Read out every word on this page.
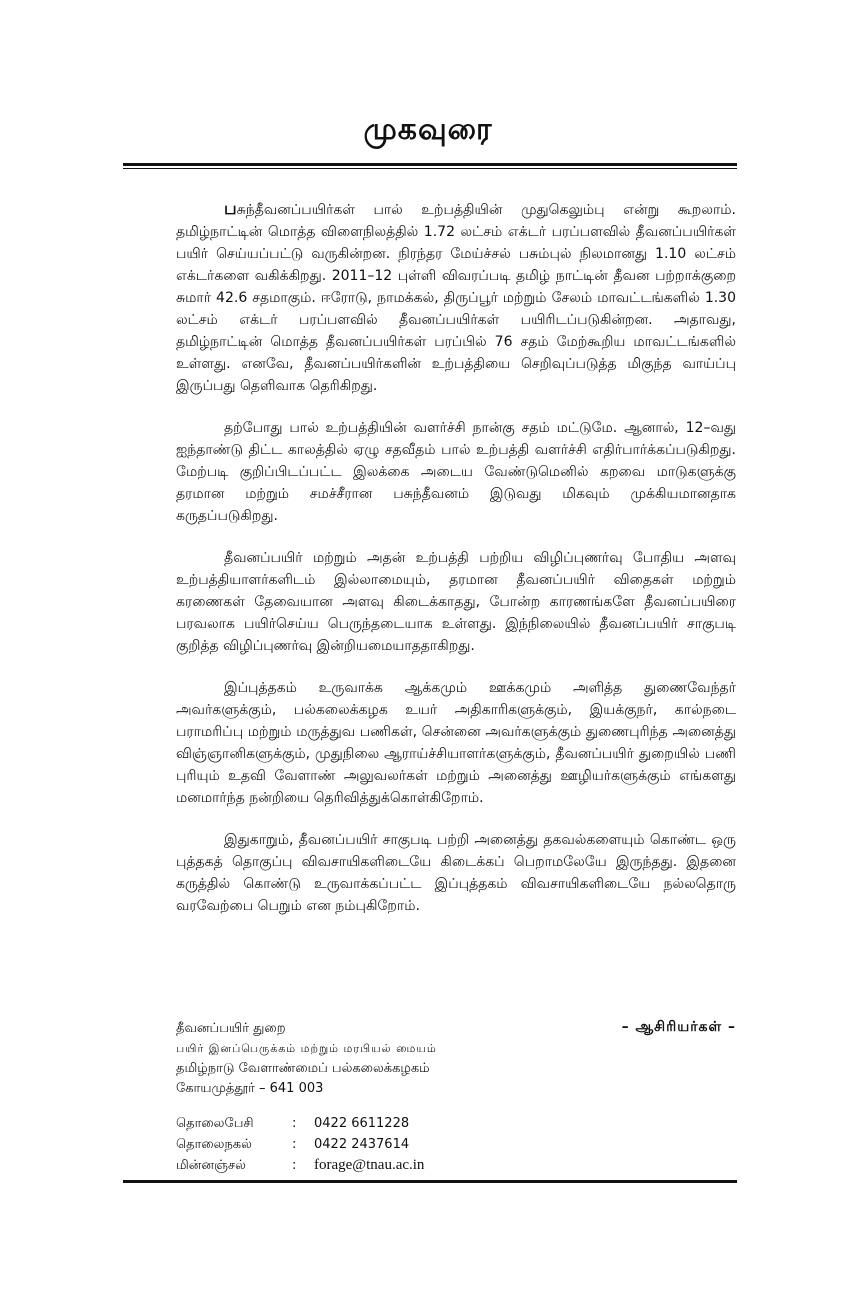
முகவுரை

பசுந்தீவனப்பயிர்கள் பால் உற்பத்தியின் முதுகெலும்பு என்று கூறலாம். தமிழ்நாட்டின் மொத்த விளைநிலத்தில் 1.72 லட்சம் எக்டர் பரப்பளவில் தீவனப்பயிர்கள் பயிர் செய்யப்பட்டு வருகின்றன. நிரந்தர மேய்ச்சல் பசும்புல் நிலமானது 1.10 லட்சம் எக்டர்களை வகிக்கிறது. 2011–12 புள்ளி விவரப்படி தமிழ் நாட்டின் தீவன பற்றாக்குறை சுமார் 42.6 சதமாகும். ஈரோடு, நாமக்கல், திருப்பூர் மற்றும் சேலம் மாவட்டங்களில் 1.30 லட்சம் எக்டர் பரப்பளவில் தீவனப்பயிர்கள் பயிரிடப்படுகின்றன. அதாவது, தமிழ்நாட்டின் மொத்த தீவனப்பயிர்கள் பரப்பில் 76 சதம் மேற்கூறிய மாவட்டங்களில் உள்ளது. எனவே, தீவனப்பயிர்களின் உற்பத்தியை செறிவுப்படுத்த மிகுந்த வாய்ப்பு இருப்பது தெளிவாக தெரிகிறது.

தற்போது பால் உற்பத்தியின் வளர்ச்சி நான்கு சதம் மட்டுமே. ஆனால், 12–வது ஐந்தாண்டு திட்ட காலத்தில் ஏழு சதவீதம் பால் உற்பத்தி வளர்ச்சி எதிர்பார்க்கப்படுகிறது. மேற்படி குறிப்பிடப்பட்ட இலக்கை அடைய வேண்டுமெனில் கறவை மாடுகளுக்கு தரமான மற்றும் சமச்சீரான பசுந்தீவனம் இடுவது மிகவும் முக்கியமானதாக கருதப்படுகிறது.

தீவனப்பயிர் மற்றும் அதன் உற்பத்தி பற்றிய விழிப்புணர்வு போதிய அளவு உற்பத்தியாளர்களிடம் இல்லாமையும், தரமான தீவனப்பயிர் விதைகள் மற்றும் கரணைகள் தேவையான அளவு கிடைக்காதது, போன்ற காரணங்களே தீவனப்பயிரை பரவலாக பயிர்செய்ய பெருந்தடையாக உள்ளது. இந்நிலையில் தீவனப்பயிர் சாகுபடி குறித்த விழிப்புணர்வு இன்றியமையாததாகிறது.

இப்புத்தகம் உருவாக்க ஆக்கமும் ஊக்கமும் அளித்த துணைவேந்தர் அவர்களுக்கும், பல்கலைக்கழக உயர் அதிகாரிகளுக்கும், இயக்குநர், கால்நடை பராமரிப்பு மற்றும் மருத்துவ பணிகள், சென்னை அவர்களுக்கும் துணைபுரிந்த அனைத்து விஞ்ஞானிகளுக்கும், முதுநிலை ஆராய்ச்சியாளர்களுக்கும், தீவனப்பயிர் துறையில் பணி புரியும் உதவி வேளாண் அலுவலர்கள் மற்றும் அனைத்து ஊழியர்களுக்கும் எங்களது மனமார்ந்த நன்றியை தெரிவித்துக்கொள்கிறோம்.

இதுகாறும், தீவனப்பயிர் சாகுபடி பற்றி அனைத்து தகவல்களையும் கொண்ட ஒரு புத்தகத் தொகுப்பு விவசாயிகளிடையே கிடைக்கப் பெறாமலேயே இருந்தது. இதனை கருத்தில் கொண்டு உருவாக்கப்பட்ட இப்புத்தகம் விவசாயிகளிடையே நல்லதொரு வரவேற்பை பெறும் என நம்புகிறோம்.

– ஆசிரியர்கள் –
தீவனப்பயிர் துறை
பயிர் இனப்பெருக்கம் மற்றும் மரபியல் மையம்
தமிழ்நாடு வேளாண்மைப் பல்கலைக்கழகம்
கோயமுத்தூர் – 641 003
தொலைபேசி	:	0422 6611228
தொலைநகல்	:	0422 2437614
மின்னஞ்சல்	:	forage@tnau.ac.in
